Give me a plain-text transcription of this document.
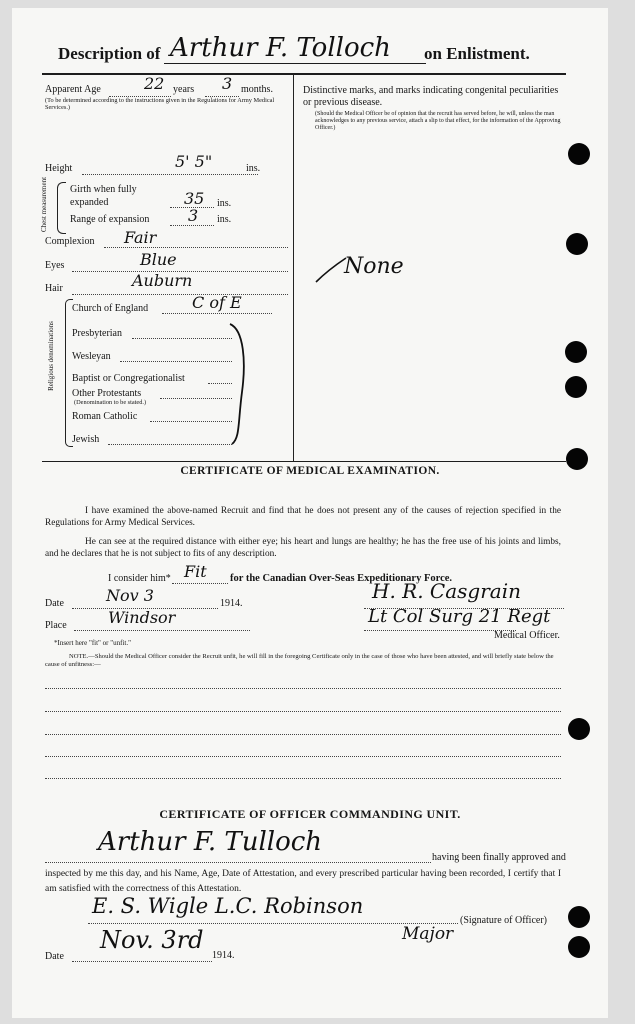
Description of Arthur F. Tolloch on Enlistment.
Apparent Age	22 years 3 months.
(To be determined according to the instructions given in the Regulations for Army Medical Services.)
Height	5' 5"	ins.
Chest measurement Girth when fully expanded	35 ins.
Range of expansion 3 ins.
Complexion Fair
Eyes	Blue
Hair	Auburn
Religious denominations
Church of England	C of E
Presbyterian
Wesleyan
Baptist or Congregationalist
Other Protestants
(Denomination to be stated.)
Roman Catholic
Jewish
Distinctive marks, and marks indicating congenital peculiarities or previous disease.
(Should the Medical Officer be of opinion that the recruit has served before, he will, unless the man acknowledges to any previous service, attach a slip to that effect, for the information of the Approving Officer.)
None
CERTIFICATE OF MEDICAL EXAMINATION.
I have examined the above-named Recruit and find that he does not present any of the causes of rejection specified in the Regulations for Army Medical Services.
He can see at the required distance with either eye; his heart and lungs are healthy; he has the free use of his joints and limbs, and he declares that he is not subject to fits of any description.
I consider him* Fit for the Canadian Over-Seas Expeditionary Force.
Date	Nov 3	1914.
H. R. Casgrain
Place	Windsor	Lt Col Surg 21 Regt
Medical Officer.
*Insert here "fit" or "unfit."
NOTE.—Should the Medical Officer consider the Recruit unfit, he will fill in the foregoing Certificate only in the case of those who have been attested, and will briefly state below the cause of unfitness:—
CERTIFICATE OF OFFICER COMMANDING UNIT.
Arthur F. Tulloch
having been finally approved and
inspected by me this day, and his Name, Age, Date of Attestation, and every prescribed particular having been recorded, I certify that I am satisfied with the correctness of this Attestation.
E. S. Wigle L.C. Robinson
(Signature of Officer)
Major
Nov. 3rd
Date	1914.
